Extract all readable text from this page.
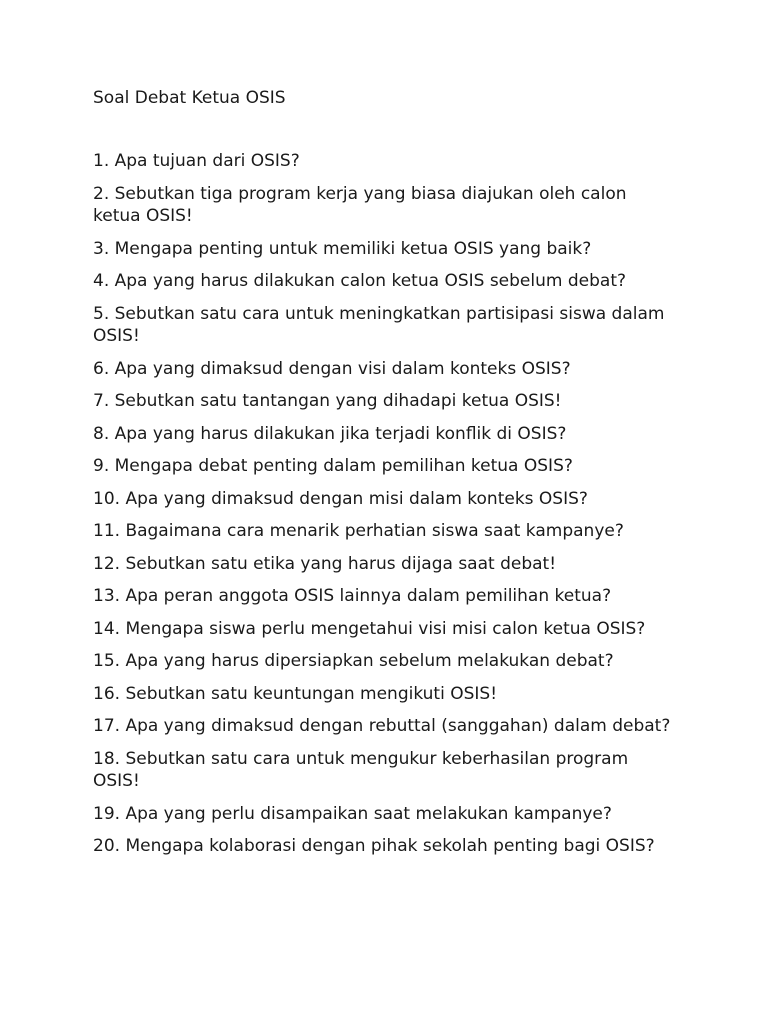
Soal Debat Ketua OSIS
1. Apa tujuan dari OSIS?
2. Sebutkan tiga program kerja yang biasa diajukan oleh calon ketua OSIS!
3. Mengapa penting untuk memiliki ketua OSIS yang baik?
4. Apa yang harus dilakukan calon ketua OSIS sebelum debat?
5. Sebutkan satu cara untuk meningkatkan partisipasi siswa dalam OSIS!
6. Apa yang dimaksud dengan visi dalam konteks OSIS?
7. Sebutkan satu tantangan yang dihadapi ketua OSIS!
8. Apa yang harus dilakukan jika terjadi konflik di OSIS?
9. Mengapa debat penting dalam pemilihan ketua OSIS?
10. Apa yang dimaksud dengan misi dalam konteks OSIS?
11. Bagaimana cara menarik perhatian siswa saat kampanye?
12. Sebutkan satu etika yang harus dijaga saat debat!
13. Apa peran anggota OSIS lainnya dalam pemilihan ketua?
14. Mengapa siswa perlu mengetahui visi misi calon ketua OSIS?
15. Apa yang harus dipersiapkan sebelum melakukan debat?
16. Sebutkan satu keuntungan mengikuti OSIS!
17. Apa yang dimaksud dengan rebuttal (sanggahan) dalam debat?
18. Sebutkan satu cara untuk mengukur keberhasilan program OSIS!
19. Apa yang perlu disampaikan saat melakukan kampanye?
20. Mengapa kolaborasi dengan pihak sekolah penting bagi OSIS?
